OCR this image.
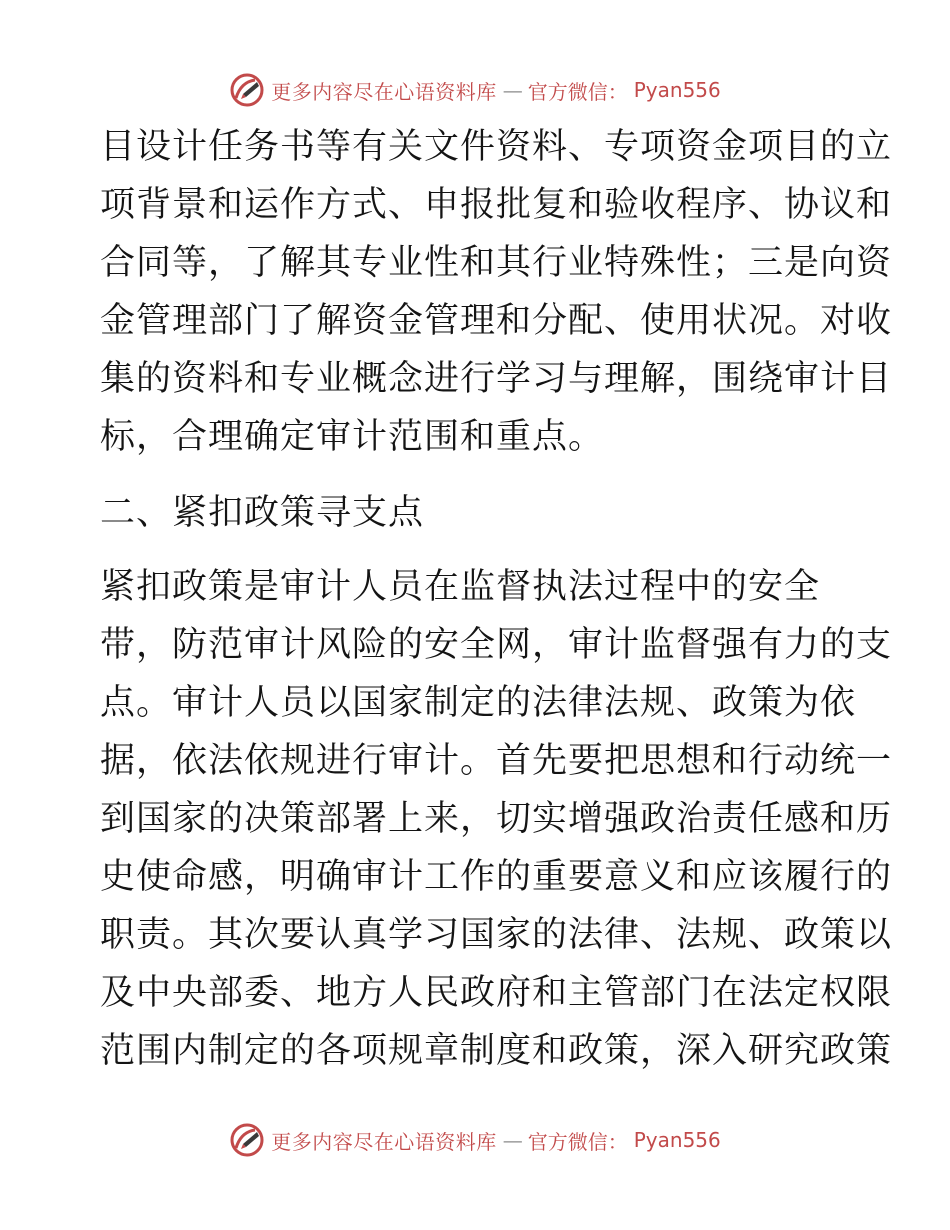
更多内容尽在心语资料库 — 官方微信： Pyan556
目设计任务书等有关文件资料、专项资金项目的立
项背景和运作方式、申报批复和验收程序、协议和
合同等，了解其专业性和其行业特殊性；三是向资
金管理部门了解资金管理和分配、使用状况。对收
集的资料和专业概念进行学习与理解，围绕审计目
标，合理确定审计范围和重点。
二、紧扣政策寻支点
紧扣政策是审计人员在监督执法过程中的安全
带，防范审计风险的安全网，审计监督强有力的支
点。审计人员以国家制定的法律法规、政策为依
据，依法依规进行审计。首先要把思想和行动统一
到国家的决策部署上来，切实增强政治责任感和历
史使命感，明确审计工作的重要意义和应该履行的
职责。其次要认真学习国家的法律、法规、政策以
及中央部委、地方人民政府和主管部门在法定权限
范围内制定的各项规章制度和政策，深入研究政策
更多内容尽在心语资料库 — 官方微信： Pyan556
